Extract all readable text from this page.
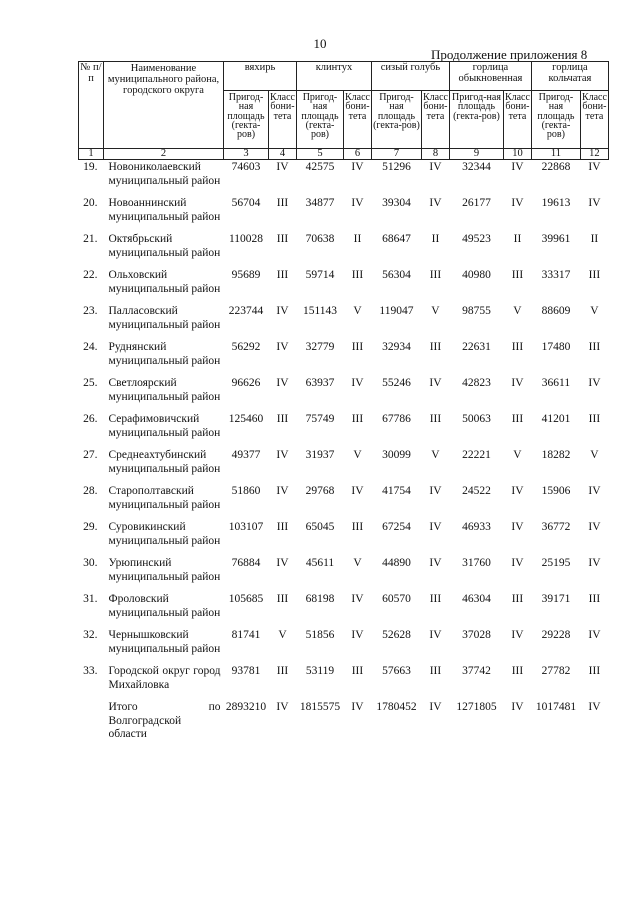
10
Продолжение приложения 8
№ п/п	Наименование муниципального района, городского округа	вяхирь		клинтух		сизый голубь		горлица обыкновенная		горлица кольчатая	
		Пригод-ная площадь (гекта-ров)	Класс бони-тета	Пригод-ная площадь (гекта-ров)	Класс бони-тета	Пригод-ная площадь (гекта-ров)	Класс бони-тета	Пригод-ная площадь (гекта-ров)	Класс бони-тета	Пригод-ная площадь (гекта-ров)	Класс бони-тета
1	2	3	4	5	6	7	8	9	10	11	12

19.	Новониколаевский муниципальный район	74603	IV	42575	IV	51296	IV	32344	IV	22868	IV
20.	Новоаннинский муниципальный район	56704	III	34877	IV	39304	IV	26177	IV	19613	IV
21.	Октябрьский муниципальный район	110028	III	70638	II	68647	II	49523	II	39961	II
22.	Ольховский муниципальный район	95689	III	59714	III	56304	III	40980	III	33317	III
23.	Палласовский муниципальный район	223744	IV	151143	V	119047	V	98755	V	88609	V
24.	Руднянский муниципальный район	56292	IV	32779	III	32934	III	22631	III	17480	III
25.	Светлоярский муниципальный район	96626	IV	63937	IV	55246	IV	42823	IV	36611	IV
26.	Серафимовичский муниципальный район	125460	III	75749	III	67786	III	50063	III	41201	III
27.	Среднеахтубинский муниципальный район	49377	IV	31937	V	30099	V	22221	V	18282	V
28.	Старополтавский муниципальный район	51860	IV	29768	IV	41754	IV	24522	IV	15906	IV
29.	Суровикинский муниципальный район	103107	III	65045	III	67254	IV	46933	IV	36772	IV
30.	Урюпинский муниципальный район	76884	IV	45611	V	44890	IV	31760	IV	25195	IV
31.	Фроловский муниципальный район	105685	III	68198	IV	60570	III	46304	III	39171	III
32.	Чернышковский муниципальный район	81741	V	51856	IV	52628	IV	37028	IV	29228	IV
33.	Городской округ город Михайловка	93781	III	53119	III	57663	III	37742	III	27782	III
	Итого по Волгоградской области	2893210	IV	1815575	IV	1780452	IV	1271805	IV	1017481	IV
